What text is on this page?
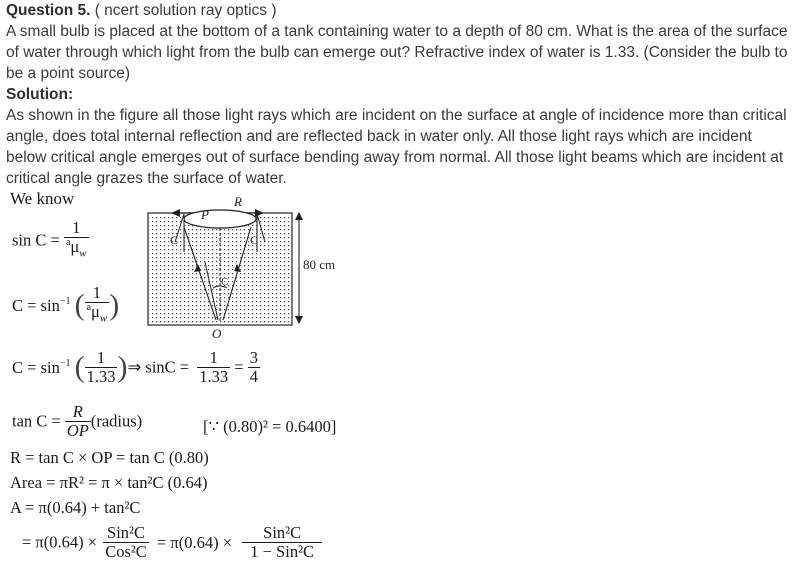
Question 5. ( ncert solution ray optics )
A small bulb is placed at the bottom of a tank containing water to a depth of 80 cm. What is the area of the surface of water through which light from the bulb can emerge out? Refractive index of water is 1.33. (Consider the bulb to be a point source)
Solution:
As shown in the figure all those light rays which are incident on the surface at angle of incidence more than critical angle, does total internal reflection and are reflected back in water only. All those light rays which are incident below critical angle emerges out of surface bending away from normal. All those light beams which are incident at critical angle grazes the surface of water.
We know
$\sin C = \frac{1}{^a\mu_w}$
$C = \sin^{-1}$ ( $\frac{1}{^a\mu_w}$ )
$C = \sin^{-1}$ ( $\frac{1}{1.33}$ )⇒ $\sin C = \frac{1}{1.33} = \frac{3}{4}$
$\tan C = \frac{R}{OP}$ (radius)	[∵ (0.80)² = 0.6400]
R = tan C × OP = tan C (0.80)
Area = πR² = π × tan²C (0.64)
A = π(0.64) + tan²C
= $\pi(0.64) \times \frac{\text{Sin²C}}{\text{Cos²C}} = \pi(0.64) \times \frac{\text{Sin²C}}{\text{1 − Sin²C}}$
P
R
C	C
C
O
80 cm
